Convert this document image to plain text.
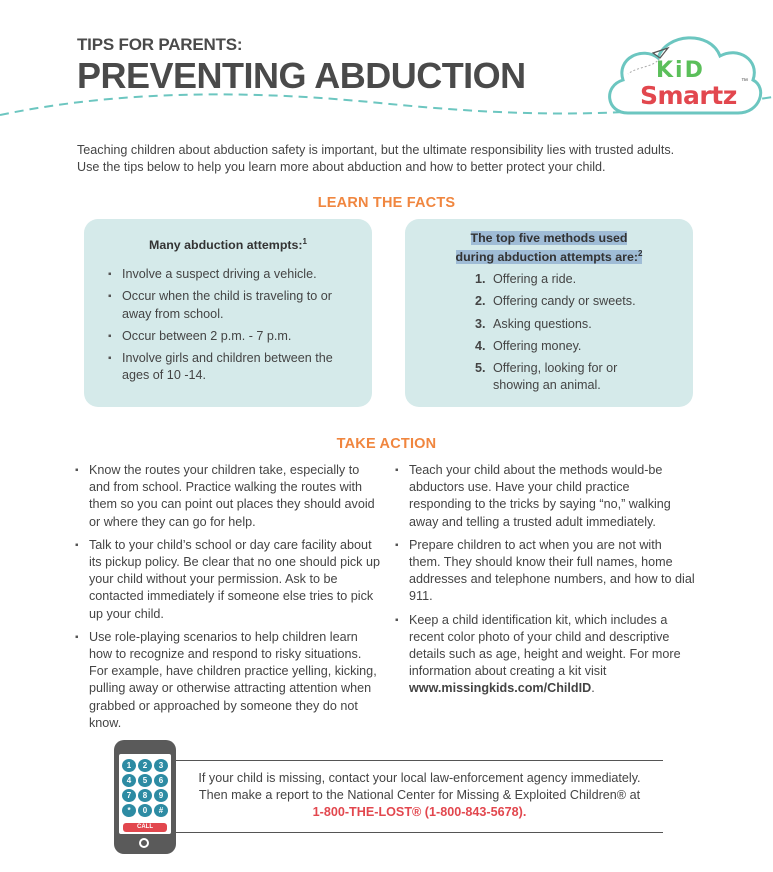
TIPS FOR PARENTS:
PREVENTING ABDUCTION	KiD
Smartz ™
Teaching children about abduction safety is important, but the ultimate responsibility lies with trusted adults.
Use the tips below to help you learn more about abduction and how to better protect your child.
LEARN THE FACTS
Many abduction attempts:$^1$
▪ Involve a suspect driving a vehicle.
▪ Occur when the child is traveling to or away from school.
▪ Occur between 2 p.m. - 7 p.m.
▪ Involve girls and children between the ages of 10 -14.
The top five methods used
during abduction attempts are:$^2$
1. Offering a ride.
2. Offering candy or sweets.
3. Asking questions.
4. Offering money.
5. Offering, looking for or showing an animal.
TAKE ACTION
▪ Know the routes your children take, especially to and from school. Practice walking the routes with them so you can point out places they should avoid or where they can go for help.
▪ Talk to your child’s school or day care facility about its pickup policy. Be clear that no one should pick up your child without your permission. Ask to be contacted immediately if someone else tries to pick up your child.
▪ Use role-playing scenarios to help children learn how to recognize and respond to risky situations. For example, have children practice yelling, kicking, pulling away or otherwise attracting attention when grabbed or approached by someone they do not know.
▪ Teach your child about the methods would-be abductors use. Have your child practice responding to the tricks by saying “no,” walking away and telling a trusted adult immediately.
▪ Prepare children to act when you are not with them. They should know their full names, home addresses and telephone numbers, and how to dial 911.
▪ Keep a child identification kit, which includes a recent color photo of your child and descriptive details such as age, height and weight. For more information about creating a kit visit www.missingkids.com/ChildID.
1	2	3
4	5	6
7	8	9
*	0	#
CALL
If your child is missing, contact your local law-enforcement agency immediately.
Then make a report to the National Center for Missing & Exploited Children® at
1-800-THE-LOST® (1-800-843-5678).
